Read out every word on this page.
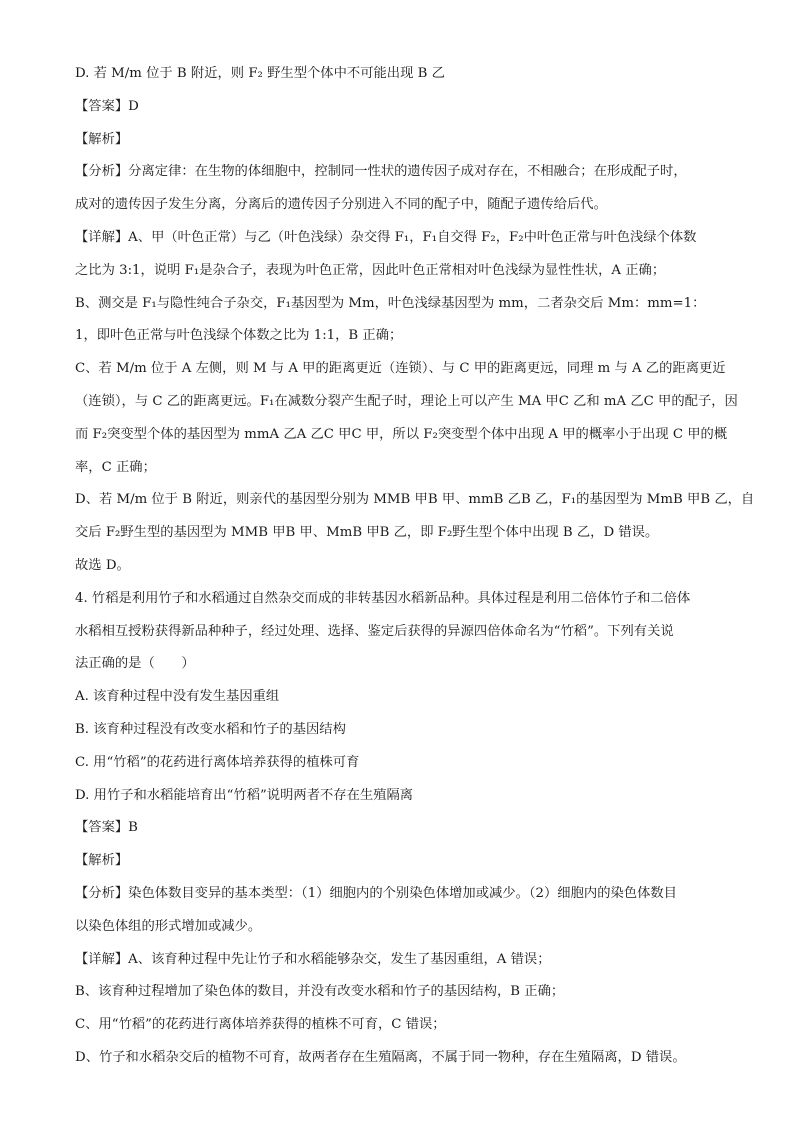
D. 若 M/m 位于 B 附近，则 F₂ 野生型个体中不可能出现 B 乙

【答案】D

【解析】

【分析】分离定律：在生物的体细胞中，控制同一性状的遗传因子成对存在，不相融合；在形成配子时，

成对的遗传因子发生分离，分离后的遗传因子分别进入不同的配子中，随配子遗传给后代。

【详解】A、甲（叶色正常）与乙（叶色浅绿）杂交得 F₁，F₁自交得 F₂，F₂中叶色正常与叶色浅绿个体数

之比为 3:1，说明 F₁是杂合子，表现为叶色正常，因此叶色正常相对叶色浅绿为显性性状，A 正确；

B、测交是 F₁与隐性纯合子杂交，F₁基因型为 Mm，叶色浅绿基因型为 mm，二者杂交后 Mm：mm=1：

1，即叶色正常与叶色浅绿个体数之比为 1:1，B 正确；

C、若 M/m 位于 A 左侧，则 M 与 A 甲的距离更近（连锁）、与 C 甲的距离更远，同理 m 与 A 乙的距离更近

（连锁），与 C 乙的距离更远。F₁在减数分裂产生配子时，理论上可以产生 MA 甲C 乙和 mA 乙C 甲的配子，因

而 F₂突变型个体的基因型为 mmA 乙A 乙C 甲C 甲，所以 F₂突变型个体中出现 A 甲的概率小于出现 C 甲的概

率，C 正确；

D、若 M/m 位于 B 附近，则亲代的基因型分别为 MMB 甲B 甲、mmB 乙B 乙，F₁的基因型为 MmB 甲B 乙，自

交后 F₂野生型的基因型为 MMB 甲B 甲、MmB 甲B 乙，即 F₂野生型个体中出现 B 乙，D 错误。

故选 D。

4. 竹稻是利用竹子和水稻通过自然杂交而成的非转基因水稻新品种。具体过程是利用二倍体竹子和二倍体

水稻相互授粉获得新品种种子，经过处理、选择、鉴定后获得的异源四倍体命名为“竹稻”。下列有关说

法正确的是（　　）

A. 该育种过程中没有发生基因重组

B. 该育种过程没有改变水稻和竹子的基因结构

C. 用“竹稻”的花药进行离体培养获得的植株可育

D. 用竹子和水稻能培育出“竹稻”说明两者不存在生殖隔离

【答案】B

【解析】

【分析】染色体数目变异的基本类型：（1）细胞内的个别染色体增加或减少。（2）细胞内的染色体数目

以染色体组的形式增加或减少。

【详解】A、该育种过程中先让竹子和水稻能够杂交，发生了基因重组，A 错误；

B、该育种过程增加了染色体的数目，并没有改变水稻和竹子的基因结构，B 正确；

C、用“竹稻”的花药进行离体培养获得的植株不可育，C 错误；

D、竹子和水稻杂交后的植物不可育，故两者存在生殖隔离，不属于同一物种，存在生殖隔离，D 错误。
